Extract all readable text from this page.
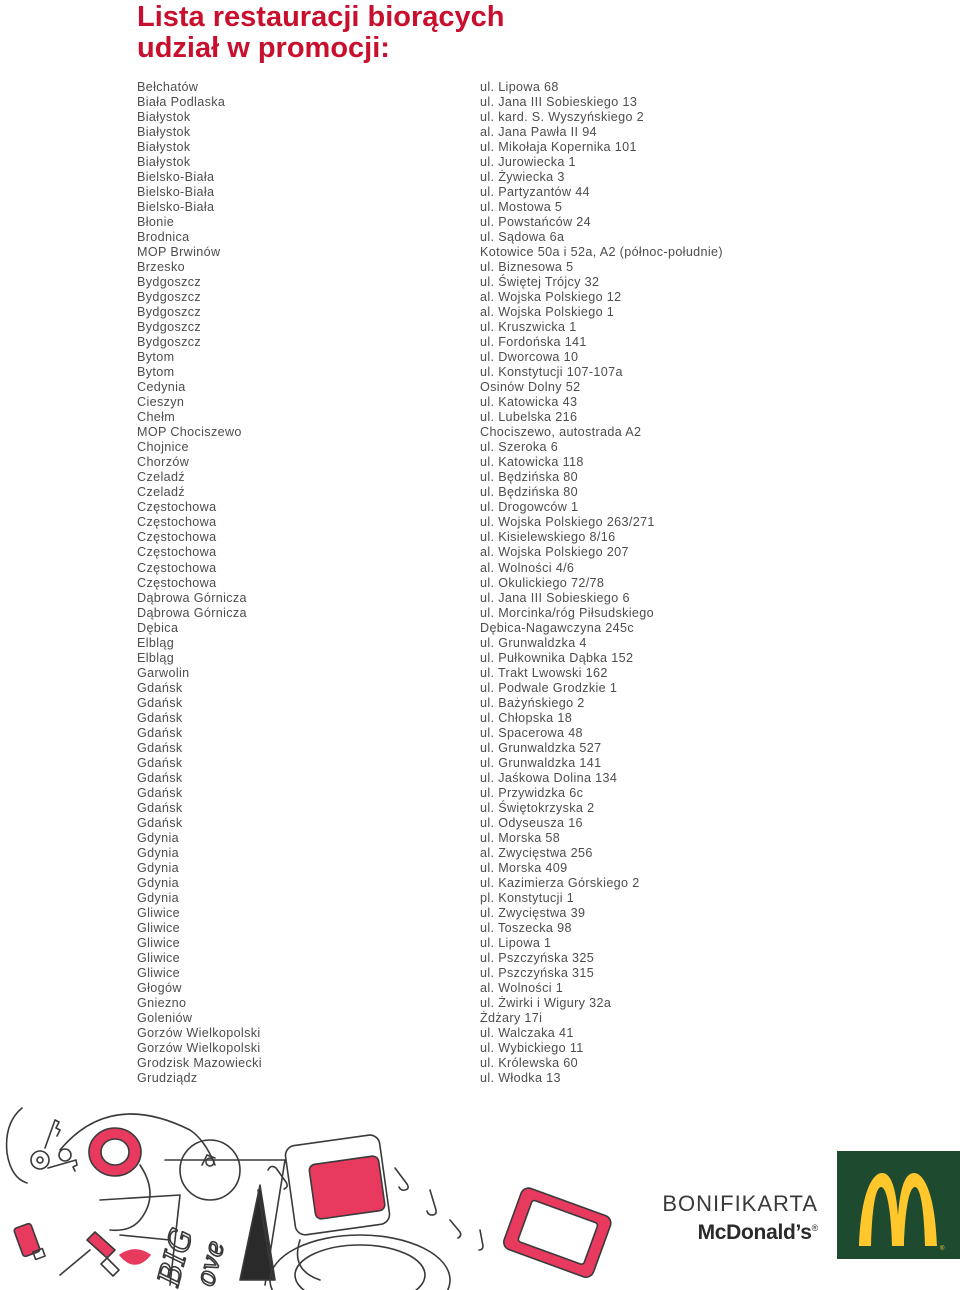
Lista restauracji biorących
udział w promocji:
Bełchatów	ul. Lipowa 68
Biała Podlaska	ul. Jana III Sobieskiego 13
Białystok	ul. kard. S. Wyszyńskiego 2
Białystok	al. Jana Pawła II 94
Białystok	ul. Mikołaja Kopernika 101
Białystok	ul. Jurowiecka 1
Bielsko-Biała	ul. Żywiecka 3
Bielsko-Biała	ul. Partyzantów 44
Bielsko-Biała	ul. Mostowa 5
Błonie	ul. Powstańców 24
Brodnica	ul. Sądowa 6a
MOP Brwinów	Kotowice 50a i 52a, A2 (północ-południe)
Brzesko	ul. Biznesowa 5
Bydgoszcz	ul. Świętej Trójcy 32
Bydgoszcz	al. Wojska Polskiego 12
Bydgoszcz	al. Wojska Polskiego 1
Bydgoszcz	ul. Kruszwicka 1
Bydgoszcz	ul. Fordońska 141
Bytom	ul. Dworcowa 10
Bytom	ul. Konstytucji 107-107a
Cedynia	Osinów Dolny 52
Cieszyn	ul. Katowicka 43
Chełm	ul. Lubelska 216
MOP Chociszewo	Chociszewo, autostrada A2
Chojnice	ul. Szeroka 6
Chorzów	ul. Katowicka 118
Czeladź	ul. Będzińska 80
Czeladź	ul. Będzińska 80
Częstochowa	ul. Drogowców 1
Częstochowa	ul. Wojska Polskiego 263/271
Częstochowa	ul. Kisielewskiego 8/16
Częstochowa	al. Wojska Polskiego 207
Częstochowa	al. Wolności 4/6
Częstochowa	ul. Okulickiego 72/78
Dąbrowa Górnicza	ul. Jana III Sobieskiego 6
Dąbrowa Górnicza	ul. Morcinka/róg Piłsudskiego
Dębica	Dębica-Nagawczyna 245c
Elbląg	ul. Grunwaldzka 4
Elbląg	ul. Pułkownika Dąbka 152
Garwolin	ul. Trakt Lwowski 162
Gdańsk	ul. Podwale Grodzkie 1
Gdańsk	ul. Bażyńskiego 2
Gdańsk	ul. Chłopska 18
Gdańsk	ul. Spacerowa 48
Gdańsk	ul. Grunwaldzka 527
Gdańsk	ul. Grunwaldzka 141
Gdańsk	ul. Jaśkowa Dolina 134
Gdańsk	ul. Przywidzka 6c
Gdańsk	ul. Świętokrzyska 2
Gdańsk	ul. Odyseusza 16
Gdynia	ul. Morska 58
Gdynia	al. Zwycięstwa 256
Gdynia	ul. Morska 409
Gdynia	ul. Kazimierza Górskiego 2
Gdynia	pl. Konstytucji 1
Gliwice	ul. Zwycięstwa 39
Gliwice	ul. Toszecka 98
Gliwice	ul. Lipowa 1
Gliwice	ul. Pszczyńska 325
Gliwice	ul. Pszczyńska 315
Głogów	al. Wolności 1
Gniezno	ul. Żwirki i Wigury 32a
Goleniów	Żdżary 17i
Gorzów Wielkopolski	ul. Walczaka 41
Gorzów Wielkopolski	ul. Wybickiego 11
Grodzisk Mazowiecki	ul. Królewska 60
Grudziądz	ul. Włodka 13
BIG
ove
BONIFIKARTA
McDonald’s®
®
